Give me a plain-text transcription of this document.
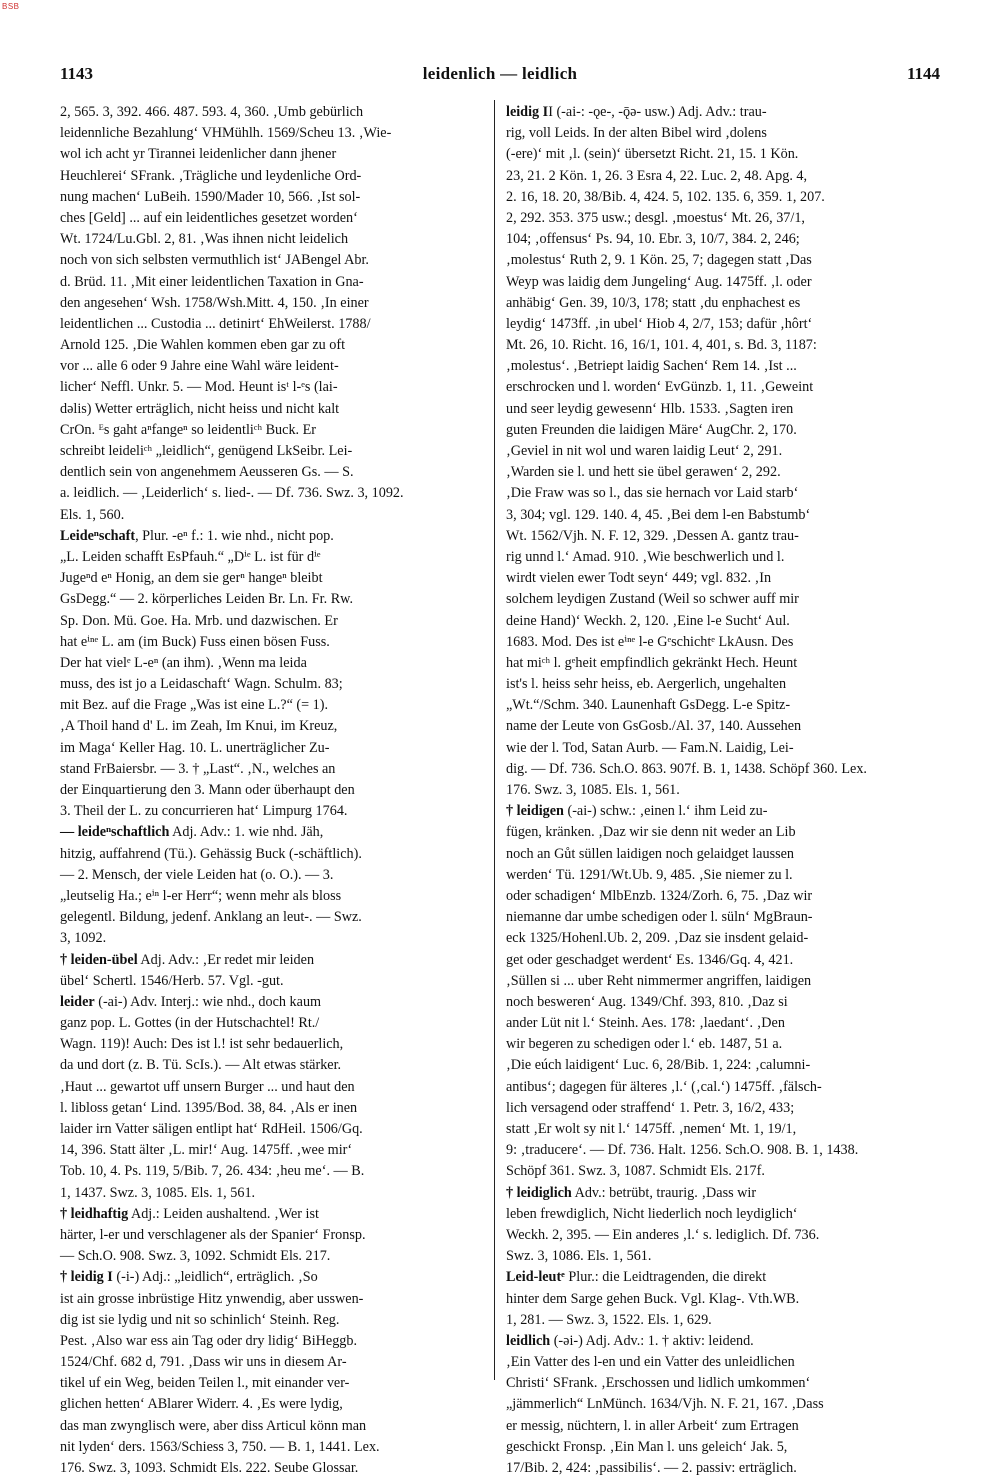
BSB
1143	leidenlich — leidlich	1144
2, 565. 3, 392. 466. 487. 593. 4, 360. ‚Umb gebürlich
leidennliche Bezahlung‘ VHMühlh. 1569/Scheu 13. ‚Wie-
wol ich acht yr Tirannei leidenlicher dann jhener
Heuchlerei‘ SFrank. ‚Trägliche und leydenliche Ord-
nung machen‘ LuBeih. 1590/Mader 10, 566. ‚Ist sol-
ches [Geld] ... auf ein leidentliches gesetzet worden‘
Wt. 1724/Lu.Gbl. 2, 81. ‚Was ihnen nicht leidelich
noch von sich selbsten vermuthlich ist‘ JABengel Abr.
d. Brüd. 11. ‚Mit einer leidentlichen Taxation in Gna-
den angesehen‘ Wsh. 1758/Wsh.Mitt. 4, 150. ‚In einer
leidentlichen ... Custodia ... detinirt‘ EhWeilerst. 1788/
Arnold 125. ‚Die Wahlen kommen eben gar zu oft
vor ... alle 6 oder 9 Jahre eine Wahl wäre leident-
licher‘ Neffl. Unkr. 5. — Mod. Heunt isᵗ l-ᵉs (lai-
dəlis) Wetter erträglich, nicht heiss und nicht kalt
CrOn. ᴱs gaht aⁿfangeⁿ so leidentliᶜʰ Buck. Er
schreibt leideliᶜʰ „leidlich“, genügend LkSeibr. Lei-
dentlich sein von angenehmem Aeusseren Gs. — S.
a. leidlich. — ‚Leiderlich‘ s. lied-. — Df. 736. Swz. 3, 1092.
Els. 1, 560.
Leideⁿschaft, Plur. -eⁿ f.: 1. wie nhd., nicht pop.
„L. Leiden schafft EsPfauh.“ „Dⁱᵉ L. ist für dⁱᵉ
Jugeⁿd eⁿ Honig, an dem sie gerⁿ hangeⁿ bleibt
GsDegg.“ — 2. körperliches Leiden Br. Ln. Fr. Rw.
Sp. Don. Mü. Goe. Ha. Mrb. und dazwischen. Er
hat eⁱⁿᵉ L. am (im Buck) Fuss einen bösen Fuss.
Der hat vielᵉ L-eⁿ (an ihm). ‚Wenn ma leida
muss, des ist jo a Leidaschaft‘ Wagn. Schulm. 83;
mit Bez. auf die Frage „Was ist eine L.?“ (= 1).
‚A Thoil hand d' L. im Zeah, Im Knui, im Kreuz,
im Maga‘ Keller Hag. 10. L. unerträglicher Zu-
stand FrBaiersbr. — 3. † „Last“. ‚N., welches an
der Einquartierung den 3. Mann oder überhaupt den
3. Theil der L. zu concurrieren hat‘ Limpurg 1764.
— leideⁿschaftlich Adj. Adv.: 1. wie nhd. Jäh,
hitzig, auffahrend (Tü.). Gehässig Buck (-schäftlich).
— 2. Mensch, der viele Leiden hat (o. O.). — 3.
„leutselig Ha.; eⁱⁿ l-er Herr“; wenn mehr als bloss
gelegentl. Bildung, jedenf. Anklang an leut-. — Swz.
3, 1092.
† leiden-übel Adj. Adv.: ‚Er redet mir leiden
übel‘ Schertl. 1546/Herb. 57. Vgl. -gut.
leider (-ai-) Adv. Interj.: wie nhd., doch kaum
ganz pop. L. Gottes (in der Hutschachtel! Rt./
Wagn. 119)! Auch: Des ist l.! ist sehr bedauerlich,
da und dort (z. B. Tü. ScIs.). — Alt etwas stärker.
‚Haut ... gewartot uff unsern Burger ... und haut den
l. libloss getan‘ Lind. 1395/Bod. 38, 84. ‚Als er inen
laider irn Vatter säligen entlipt hat‘ RdHeil. 1506/Gq.
14, 396. Statt älter ‚L. mir!‘ Aug. 1475ff. ‚wee mir‘
Tob. 10, 4. Ps. 119, 5/Bib. 7, 26. 434: ‚heu me‘. — B.
1, 1437. Swz. 3, 1085. Els. 1, 561.
† leidhaftig Adj.: Leiden aushaltend. ‚Wer ist
härter, l-er und verschlagener als der Spanier‘ Fronsp.
— Sch.O. 908. Swz. 3, 1092. Schmidt Els. 217.
† leidig I (-i-) Adj.: „leidlich“, erträglich. ‚So
ist ain grosse inbrüstige Hitz ynwendig, aber usswen-
dig ist sie lydig und nit so schinlich‘ Steinh. Reg.
Pest. ‚Also war ess ain Tag oder dry lidig‘ BiHeggb.
1524/Chf. 682 d, 791. ‚Dass wir uns in diesem Ar-
tikel uf ein Weg, beiden Teilen l., mit einander ver-
glichen hetten‘ ABlarer Widerr. 4. ‚Es were lydig,
das man zwynglisch were, aber diss Articul könn man
nit lyden‘ ders. 1563/Schiess 3, 750. — B. 1, 1441. Lex.
176. Swz. 3, 1093. Schmidt Els. 222. Seube Glossar.
leidig II (-ai-: -ǫe-, -ǭə- usw.) Adj. Adv.: trau-
rig, voll Leids. In der alten Bibel wird ‚dolens
(-ere)‘ mit ‚l. (sein)‘ übersetzt Richt. 21, 15. 1 Kön.
23, 21. 2 Kön. 1, 26. 3 Esra 4, 22. Luc. 2, 48. Apg. 4,
2. 16, 18. 20, 38/Bib. 4, 424. 5, 102. 135. 6, 359. 1, 207.
2, 292. 353. 375 usw.; desgl. ‚moestus‘ Mt. 26, 37/1,
104; ‚offensus‘ Ps. 94, 10. Ebr. 3, 10/7, 384. 2, 246;
‚molestus‘ Ruth 2, 9. 1 Kön. 25, 7; dagegen statt ‚Das
Weyp was laidig dem Jungeling‘ Aug. 1475ff. ‚l. oder
anhäbig‘ Gen. 39, 10/3, 178; statt ‚du enphachest es
leydig‘ 1473ff. ‚in ubel‘ Hiob 4, 2/7, 153; dafür ‚hôrt‘
Mt. 26, 10. Richt. 16, 16/1, 101. 4, 401, s. Bd. 3, 1187:
‚molestus‘. ‚Betriept laidig Sachen‘ Rem 14. ‚Ist ...
erschrocken und l. worden‘ EvGünzb. 1, 11. ‚Geweint
und seer leydig gewesenn‘ Hlb. 1533. ‚Sagten iren
guten Freunden die laidigen Märe‘ AugChr. 2, 170.
‚Geviel in nit wol und waren laidig Leut‘ 2, 291.
‚Warden sie l. und hett sie übel gerawen‘ 2, 292.
‚Die Fraw was so l., das sie hernach vor Laid starb‘
3, 304; vgl. 129. 140. 4, 45. ‚Bei dem l-en Babstumb‘
Wt. 1562/Vjh. N. F. 12, 329. ‚Dessen A. gantz trau-
rig unnd l.‘ Amad. 910. ‚Wie beschwerlich und l.
wirdt vielen ewer Todt seyn‘ 449; vgl. 832. ‚In
solchem leydigen Zustand (Weil so schwer auff mir
deine Hand)‘ Weckh. 2, 120. ‚Eine l-e Sucht‘ Aul.
1683. Mod. Des ist eⁱⁿᵉ l-e Gᵉschichtᵉ LkAusn. Des
hat miᶜʰ l. gᵉheit empfindlich gekränkt Hech. Heunt
ist's l. heiss sehr heiss, eb. Aergerlich, ungehalten
„Wt.“/Schm. 340. Launenhaft GsDegg. L-e Spitz-
name der Leute von GsGosb./Al. 37, 140. Aussehen
wie der l. Tod, Satan Aurb. — Fam.N. Laidig, Lei-
dig. — Df. 736. Sch.O. 863. 907f. B. 1, 1438. Schöpf 360. Lex.
176. Swz. 3, 1085. Els. 1, 561.
† leidigen (-ai-) schw.: ‚einen l.‘ ihm Leid zu-
fügen, kränken. ‚Daz wir sie denn nit weder an Lib
noch an Gůt süllen laidigen noch gelaidget laussen
werden‘ Tü. 1291/Wt.Ub. 9, 485. ‚Sie niemer zu l.
oder schadigen‘ MlbEnzb. 1324/Zorh. 6, 75. ‚Daz wir
niemanne dar umbe schedigen oder l. süln‘ MgBraun-
eck 1325/Hohenl.Ub. 2, 209. ‚Daz sie insdent gelaid-
get oder geschadget werdent‘ Es. 1346/Gq. 4, 421.
‚Süllen si ... uber Reht nimmermer angriffen, laidigen
noch besweren‘ Aug. 1349/Chf. 393, 810. ‚Daz si
ander Lüt nit l.‘ Steinh. Aes. 178: ‚laedant‘. ‚Den
wir begeren zu schedigen oder l.‘ eb. 1487, 51 a.
‚Die eúch laidigent‘ Luc. 6, 28/Bib. 1, 224: ‚calumni-
antibus‘; dagegen für älteres ‚l.‘ (‚cal.‘) 1475ff. ‚fälsch-
lich versagend oder straffend‘ 1. Petr. 3, 16/2, 433;
statt ‚Er wolt sy nit l.‘ 1475ff. ‚nemen‘ Mt. 1, 19/1,
9: ‚traducere‘. — Df. 736. Halt. 1256. Sch.O. 908. B. 1, 1438.
Schöpf 361. Swz. 3, 1087. Schmidt Els. 217f.
† leidiglich Adv.: betrübt, traurig. ‚Dass wir
leben frewdiglich, Nicht liederlich noch leydiglich‘
Weckh. 2, 395. — Ein anderes ‚l.‘ s. lediglich. Df. 736.
Swz. 3, 1086. Els. 1, 561.
Leid-leutᵉ Plur.: die Leidtragenden, die direkt
hinter dem Sarge gehen Buck. Vgl. Klag-. Vth.WB.
1, 281. — Swz. 3, 1522. Els. 1, 629.
leidlich (-əi-) Adj. Adv.: 1. † aktiv: leidend.
‚Ein Vatter des l-en und ein Vatter des unleidlichen
Christi‘ SFrank. ‚Erschossen und lidlich umkommen‘
„jämmerlich“ LnMünch. 1634/Vjh. N. F. 21, 167. ‚Dass
er messig, nüchtern, l. in aller Arbeit‘ zum Ertragen
geschickt Fronsp. ‚Ein Man l. uns geleich‘ Jak. 5,
17/Bib. 2, 424: ‚passibilis‘. — 2. passiv: erträglich.
